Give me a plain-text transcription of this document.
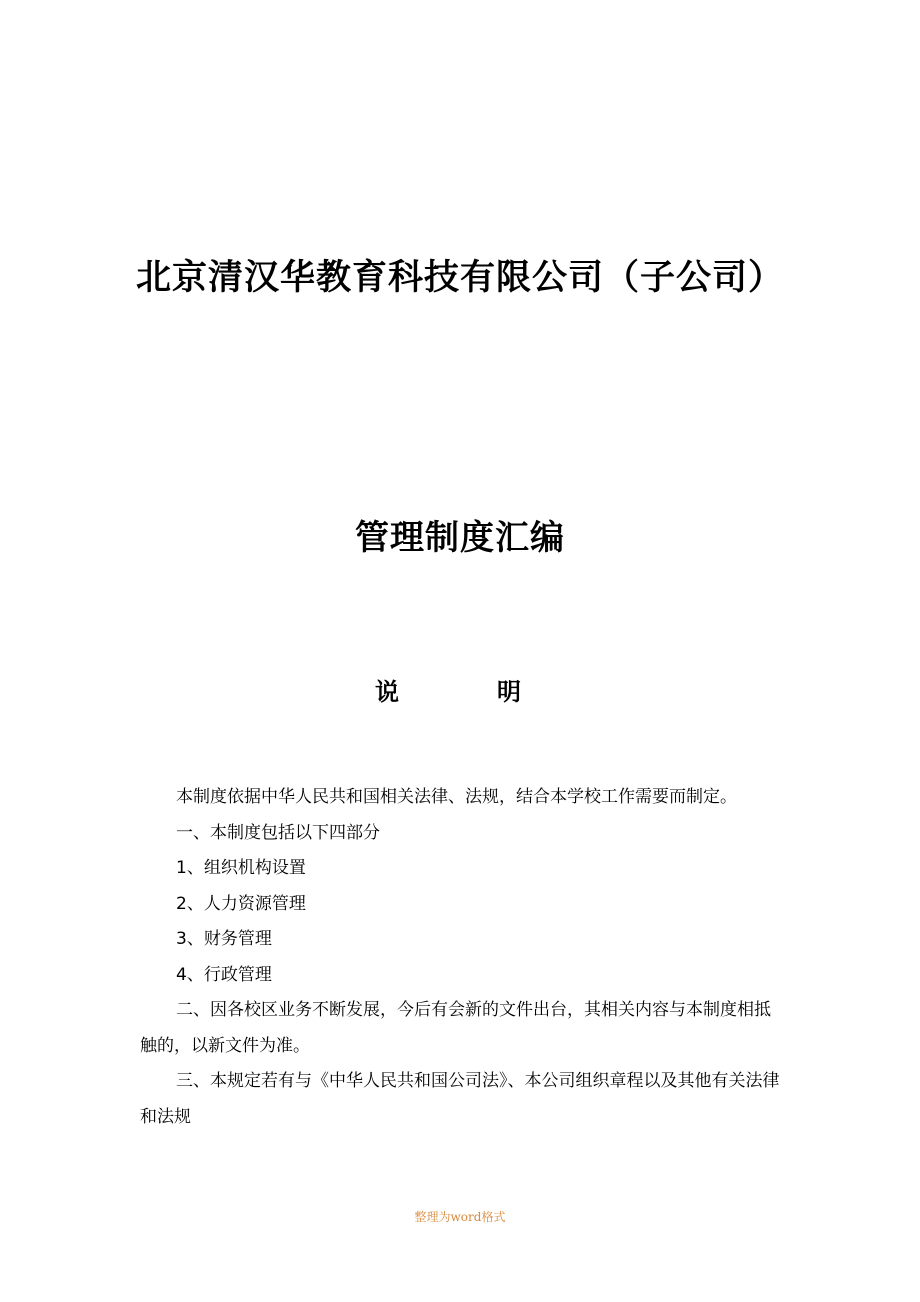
北京清汉华教育科技有限公司（子公司）
管理制度汇编
说	明

本制度依据中华人民共和国相关法律、法规，结合本学校工作需要而制定。

一、本制度包括以下四部分

1、组织机构设置

2、人力资源管理

3、财务管理

4、行政管理

二、因各校区业务不断发展，今后有会新的文件出台，其相关内容与本制度相抵触的，以新文件为准。

三、本规定若有与《中华人民共和国公司法》、本公司组织章程以及其他有关法律和法规

整理为word格式
